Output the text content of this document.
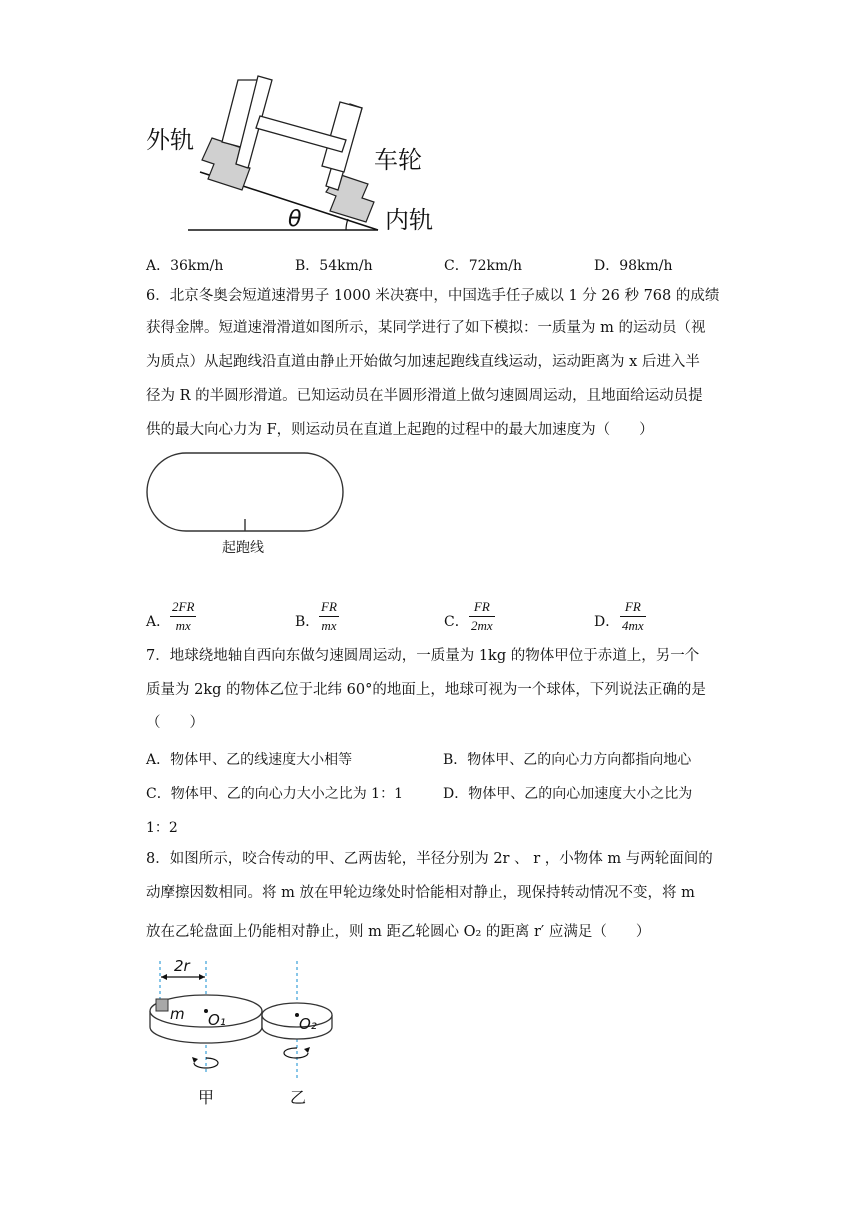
外轨
车轮
内轨
θ
A．36km/h	B．54km/h	C．72km/h	D．98km/h
6．北京冬奥会短道速滑男子 1000 米决赛中，中国选手任子威以 1 分 26 秒 768 的成绩
获得金牌。短道速滑滑道如图所示，某同学进行了如下模拟：一质量为 m 的运动员（视
为质点）从起跑线沿直道由静止开始做匀加速起跑线直线运动，运动距离为 x 后进入半
径为 R 的半圆形滑道。已知运动员在半圆形滑道上做匀速圆周运动，且地面给运动员提
供的最大向心力为 F，则运动员在直道上起跑的过程中的最大加速度为（　　）
起跑线
A．
2FR
mx	B．
FR
mx	C．
FR
2mx	D．
FR
4mx
7．地球绕地轴自西向东做匀速圆周运动，一质量为 1kg 的物体甲位于赤道上，另一个
质量为 2kg 的物体乙位于北纬 60°的地面上，地球可视为一个球体，下列说法正确的是
（　　）
A．物体甲、乙的线速度大小相等	B．物体甲、乙的向心力方向都指向地心
C．物体甲、乙的向心力大小之比为 1：1	D．物体甲、乙的向心加速度大小之比为
1：2
8．如图所示，咬合传动的甲、乙两齿轮，半径分别为 2r 、 r ，小物体 m 与两轮面间的
动摩擦因数相同。将 m 放在甲轮边缘处时恰能相对静止，现保持转动情况不变，将 m
放在乙轮盘面上仍能相对静止，则 m 距乙轮圆心 O₂ 的距离 r′ 应满足（　　）
2r
m O₁	O₂
甲	乙
